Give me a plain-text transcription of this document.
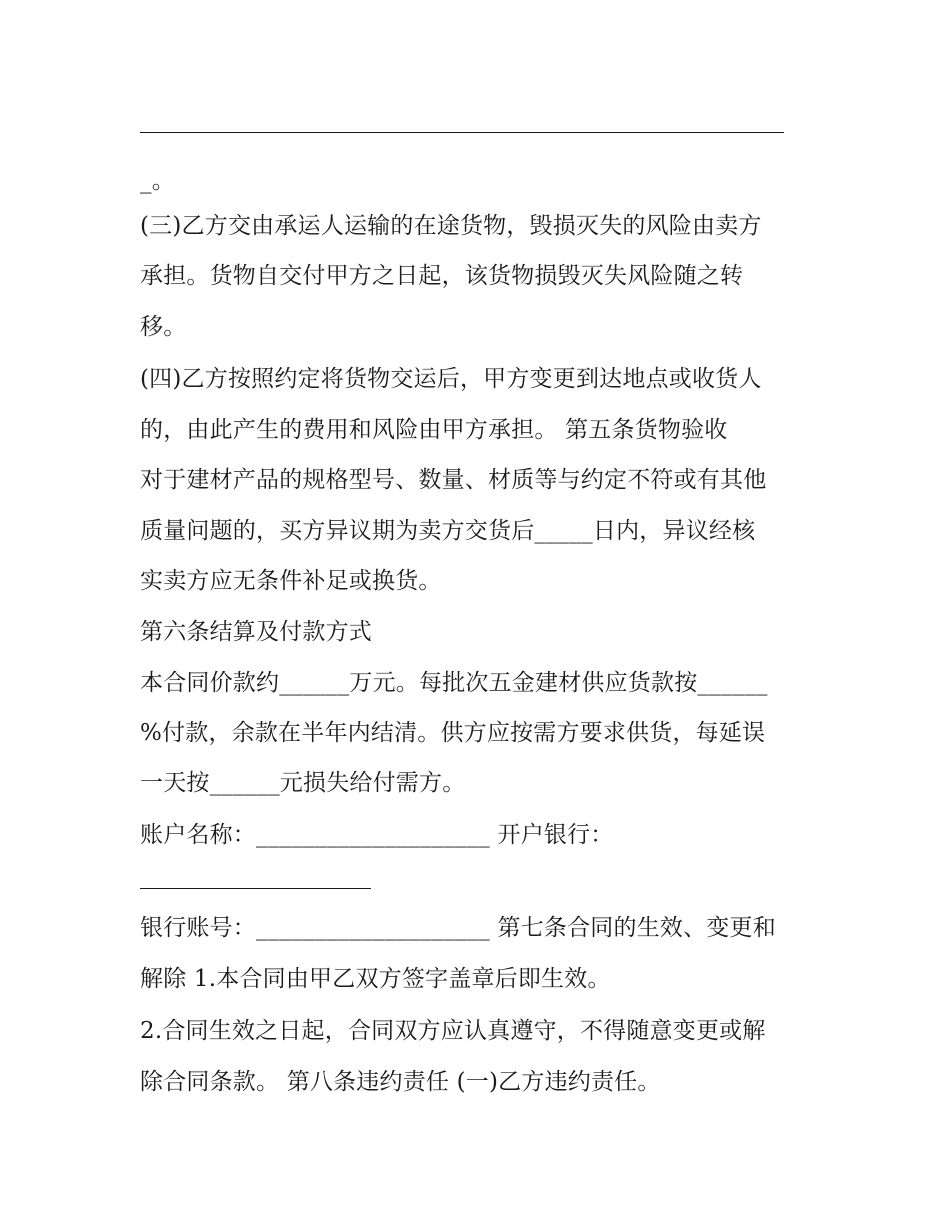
_。
(三)乙方交由承运人运输的在途货物，毁损灭失的风险由卖方
承担。货物自交付甲方之日起，该货物损毁灭失风险随之转
移。
(四)乙方按照约定将货物交运后，甲方变更到达地点或收货人
的，由此产生的费用和风险由甲方承担。 第五条货物验收
对于建材产品的规格型号、数量、材质等与约定不符或有其他
质量问题的，买方异议期为卖方交货后_____日内，异议经核
实卖方应无条件补足或换货。
第六条结算及付款方式
本合同价款约______万元。每批次五金建材供应货款按______
%付款，余款在半年内结清。供方应按需方要求供货，每延误
一天按______元损失给付需方。
账户名称：____________________ 开户银行：
银行账号：____________________ 第七条合同的生效、变更和
解除 1.本合同由甲乙双方签字盖章后即生效。
2.合同生效之日起，合同双方应认真遵守，不得随意变更或解
除合同条款。 第八条违约责任 (一)乙方违约责任。
